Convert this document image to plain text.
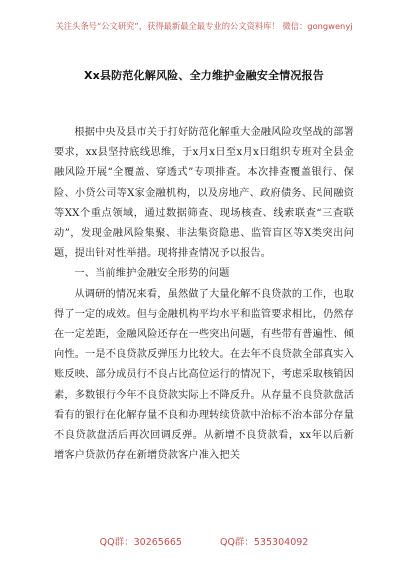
关注头条号“公文研究”，获得最新最全最专业的公文资料库！ 微信：gongwenyj
Xx县防范化解风险、全力维护金融安全情况报告

根据中央及县市关于打好防范化解重大金融风险攻坚战的部署要求，xx县坚持底线思维，于x月x日至x月x日组织专班对全县金融风险开展“全覆盖、穿透式”专项排查。本次排查覆盖银行、保险、小贷公司等X家金融机构，以及房地产、政府债务、民间融资等XX个重点领域，通过数据筛查、现场核查、线索联查“三查联动”，发现金融风险集聚、非法集资隐患、监管盲区等X类突出问题，提出针对性举措。现将排查情况予以报告。

一、当前维护金融安全形势的问题

从调研的情况来看，虽然做了大量化解不良贷款的工作，也取得了一定的成效。但与金融机构平均水平和监管要求相比，仍然存在一定差距，金融风险还存在一些突出问题，有些带有普遍性、倾向性。一是不良贷款反弹压力比较大。在去年不良贷款全部真实入账反映、部分成员行不良占比高位运行的情况下，考虑采取核销因素，多数银行今年不良贷款实际上不降反升。从存量不良贷款盘活看有的银行在化解存量不良和办理转续贷款中治标不治本部分存量不良贷款盘活后再次回调反弹。从新增不良贷款看，xx年以后新增客户贷款仍存在新增贷款客户准入把关

QQ群：30265665	QQ群：535304092
